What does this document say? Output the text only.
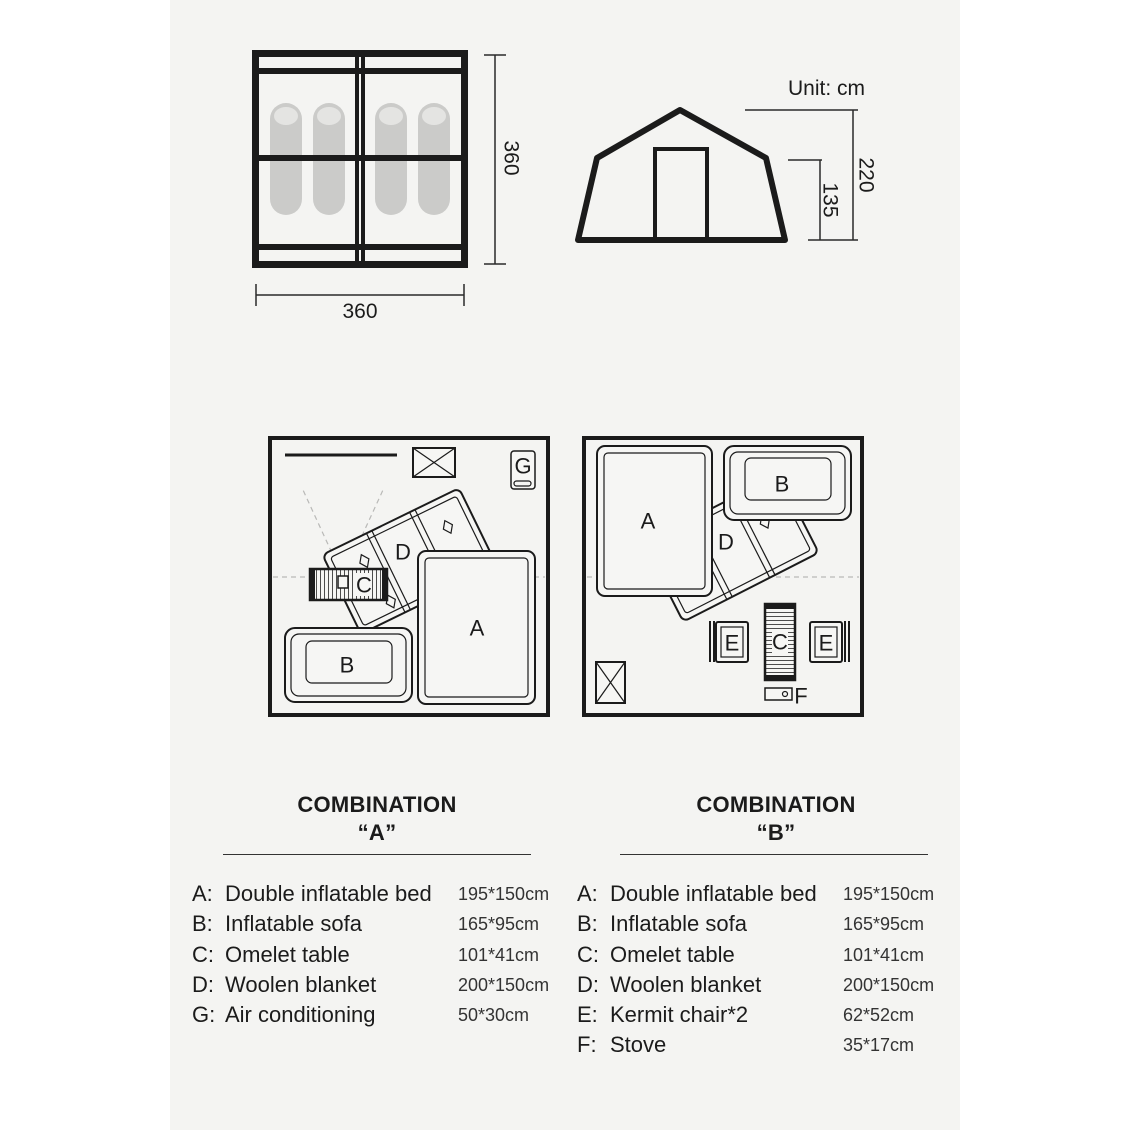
360
360
Unit: cm
220
135
G
D
C
A
B
D
A
B
C
E	E
F
COMBINATION
“A”
A: Double inflatable bed 195*150cm
B: Inflatable sofa	165*95cm
C: Omelet table	101*41cm
D: Woolen blanket	200*150cm
G: Air conditioning	50*30cm
COMBINATION
“B”
A: Double inflatable bed 195*150cm
B: Inflatable sofa	165*95cm
C: Omelet table	101*41cm
D: Woolen blanket	200*150cm
E: Kermit chair*2	62*52cm
F: Stove	35*17cm
